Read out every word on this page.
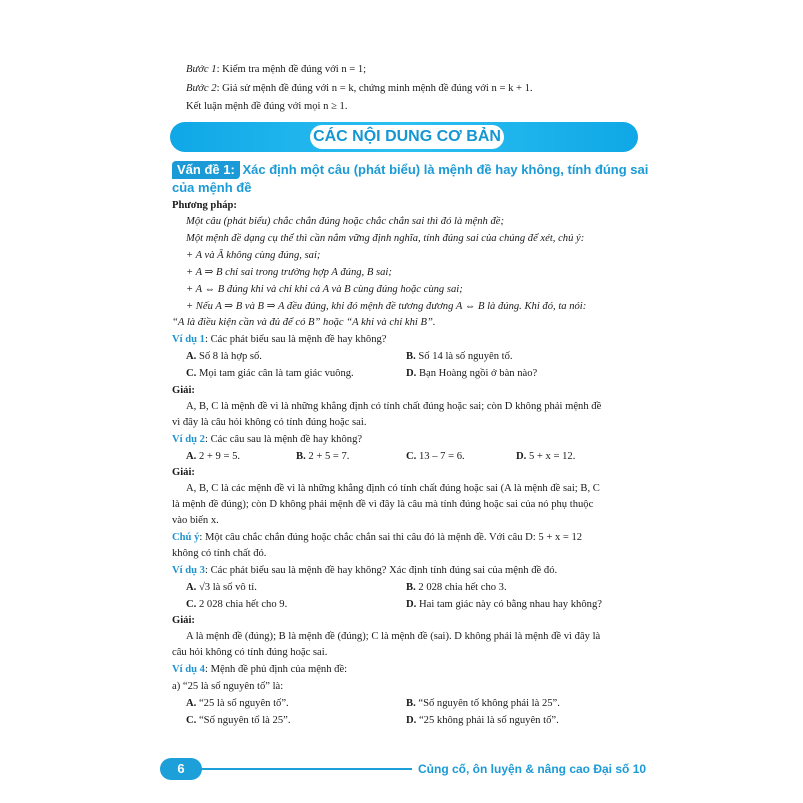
Bước 1: Kiểm tra mệnh đề đúng với n = 1;
Bước 2: Giả sử mệnh đề đúng với n = k, chứng minh mệnh đề đúng với n = k + 1.
Kết luận mệnh đề đúng với mọi n ≥ 1.
CÁC NỘI DUNG CƠ BẢN
Vấn đề 1: Xác định một câu (phát biểu) là mệnh đề hay không, tính đúng sai
của mệnh đề
Phương pháp:
Một câu (phát biểu) chắc chắn đúng hoặc chắc chắn sai thì đó là mệnh đề;
Một mệnh đề dạng cụ thể thì cần nắm vững định nghĩa, tính đúng sai của chúng để xét, chú ý:
+ A và Ā không cùng đúng, sai;
+ A ⇒ B chỉ sai trong trường hợp A đúng, B sai;
+ A ⇔ B đúng khi và chỉ khi cả A và B cùng đúng hoặc cùng sai;
+ Nếu A ⇒ B và B ⇒ A đều đúng, khi đó mệnh đề tương đương A ⇔ B là đúng. Khi đó, ta nói:
“A là điều kiện cần và đủ để có B” hoặc “A khi và chỉ khi B”.
Ví dụ 1: Các phát biểu sau là mệnh đề hay không?
A. Số 8 là hợp số.	B. Số 14 là số nguyên tố.
C. Mọi tam giác cân là tam giác vuông.	D. Bạn Hoàng ngồi ở bàn nào?
Giải:
A, B, C là mệnh đề vì là những khẳng định có tính chất đúng hoặc sai; còn D không phải mệnh đề
vì đây là câu hỏi không có tính đúng hoặc sai.
Ví dụ 2: Các câu sau là mệnh đề hay không?
A. 2 + 9 = 5.	B. 2 + 5 = 7.	C. 13 – 7 = 6.	D. 5 + x = 12.
Giải:
A, B, C là các mệnh đề vì là những khẳng định có tính chất đúng hoặc sai (A là mệnh đề sai; B, C
là mệnh đề đúng); còn D không phải mệnh đề vì đây là câu mà tính đúng hoặc sai của nó phụ thuộc
vào biến x.
Chú ý: Một câu chắc chắn đúng hoặc chắc chắn sai thì câu đó là mệnh đề. Với câu D: 5 + x = 12
không có tính chất đó.
Ví dụ 3: Các phát biểu sau là mệnh đề hay không? Xác định tính đúng sai của mệnh đề đó.
A. √3 là số vô tỉ.	B. 2 028 chia hết cho 3.
C. 2 028 chia hết cho 9.	D. Hai tam giác này có bằng nhau hay không?
Giải:
A là mệnh đề (đúng); B là mệnh đề (đúng); C là mệnh đề (sai). D không phải là mệnh đề vì đây là
câu hỏi không có tính đúng hoặc sai.
Ví dụ 4: Mệnh đề phủ định của mệnh đề:
a) “25 là số nguyên tố” là:
A. “25 là số nguyên tố”.	B. “Số nguyên tố không phải là 25”.
C. “Số nguyên tố là 25”.	D. “25 không phải là số nguyên tố”.
6	Củng cố, ôn luyện & nâng cao Đại số 10
